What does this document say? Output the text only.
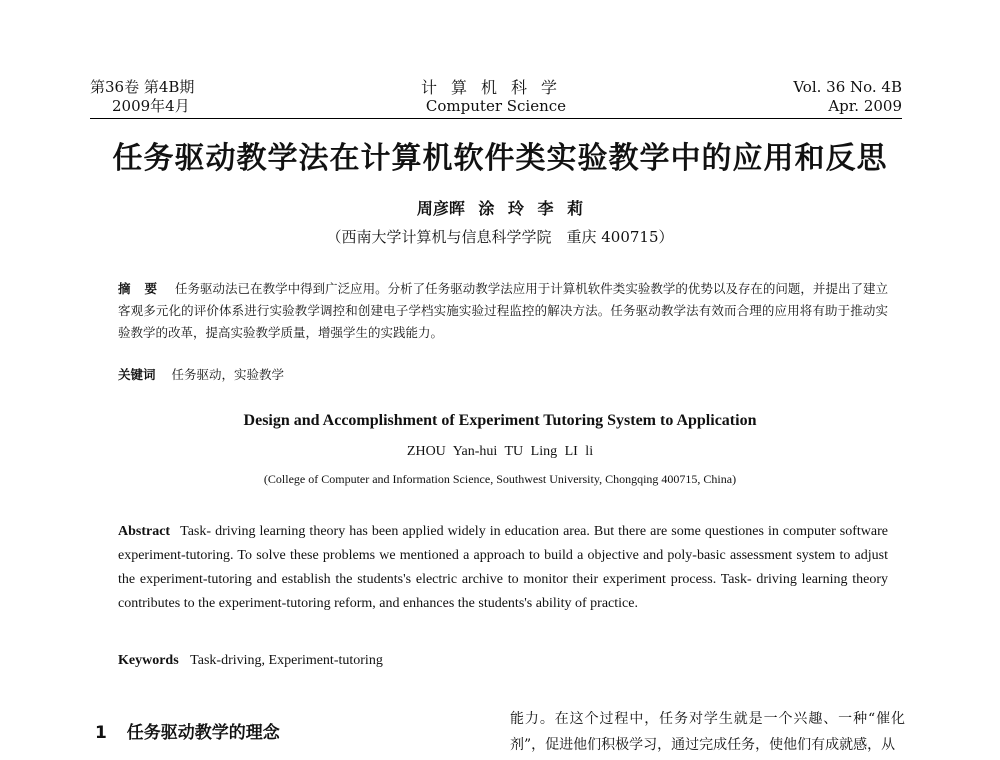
第36卷 第4B期
2009年4月
计算机科学
Computer Science
Vol. 36 No. 4B
Apr. 2009
任务驱动教学法在计算机软件类实验教学中的应用和反思
周彦晖 涂 玲 李 莉
（西南大学计算机与信息科学学院　重庆 400715）
摘要 任务驱动法已在教学中得到广泛应用。分析了任务驱动教学法应用于计算机软件类实验教学的优势以及存在的问题，并提出了建立客观多元化的评价体系进行实验教学调控和创建电子学档实施实验过程监控的解决方法。任务驱动教学法有效而合理的应用将有助于推动实验教学的改革，提高实验教学质量，增强学生的实践能力。
关键词 任务驱动，实验教学
Design and Accomplishment of Experiment Tutoring System to Application
ZHOU Yan-hui TU Ling LI li
(College of Computer and Information Science, Southwest University, Chongqing 400715, China)
Abstract Task- driving learning theory has been applied widely in education area. But there are some questiones in computer software experiment-tutoring. To solve these problems we mentioned a approach to build a objective and poly-basic assessment system to adjust the experiment-tutoring and establish the students's electric archive to monitor their experiment process. Task- driving learning theory contributes to the experiment-tutoring reform, and enhances the students's ability of practice.
Keywords Task-driving, Experiment-tutoring
1 任务驱动教学的理念
能力。在这个过程中，任务对学生就是一个兴趣、一种“催化剂”，促进他们积极学习，通过完成任务，使他们有成就感，从
